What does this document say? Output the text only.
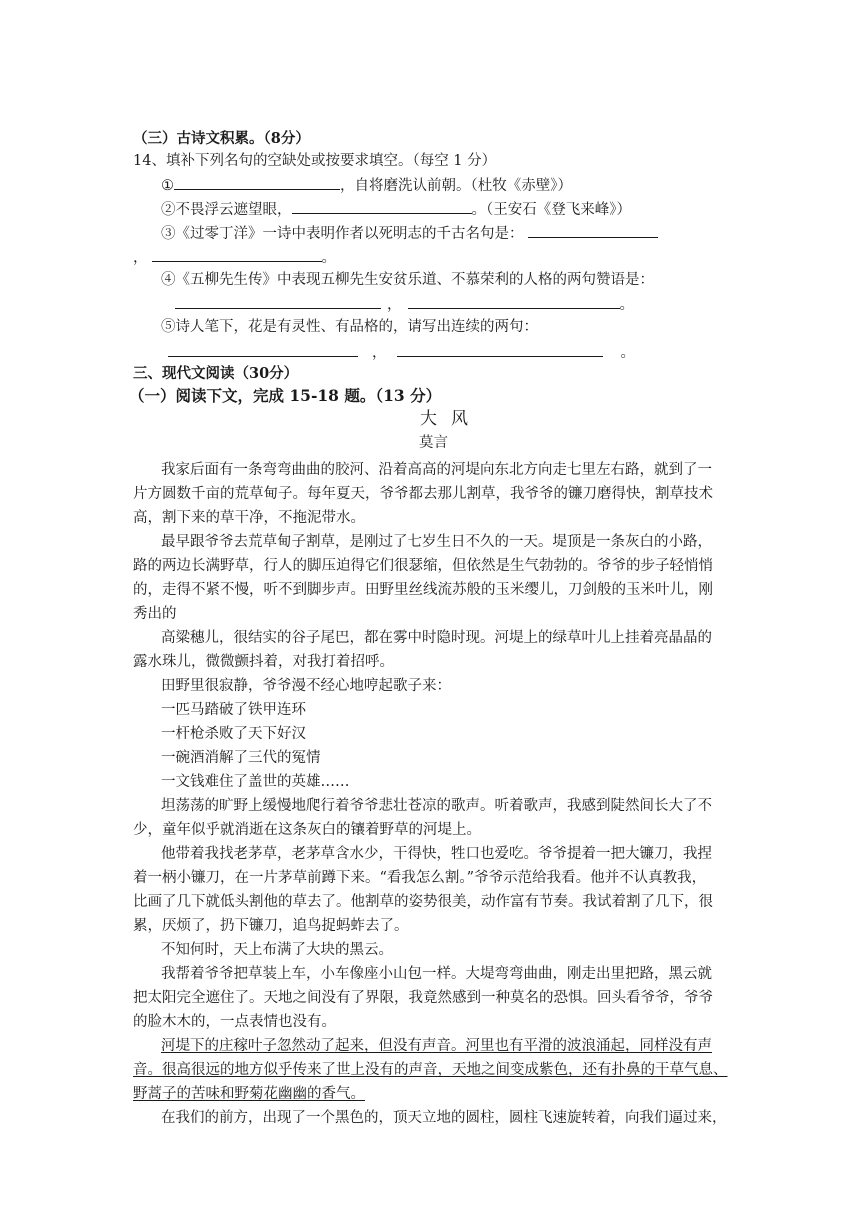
（三）古诗文积累。（8分）
14、填补下列名句的空缺处或按要求填空。（每空 1 分）
①	，自将磨洗认前朝。（杜牧《赤壁》）
②不畏浮云遮望眼，	。（王安石《登飞来峰》）
③《过零丁洋》一诗中表明作者以死明志的千古名句是：
，	。
④《五柳先生传》中表现五柳先生安贫乐道、不慕荣利的人格的两句赞语是：
，	。
⑤诗人笔下，花是有灵性、有品格的，请写出连续的两句：
，	。
三、现代文阅读（30分）
（一）阅读下文，完成 15-18 题。（13 分）
大风
莫言
我家后面有一条弯弯曲曲的胶河、沿着高高的河堤向东北方向走七里左右路，就到了一
片方圆数千亩的荒草甸子。每年夏天，爷爷都去那儿割草，我爷爷的镰刀磨得快，割草技术
高，割下来的草干净，不拖泥带水。
最早跟爷爷去荒草甸子割草，是刚过了七岁生日不久的一天。堤顶是一条灰白的小路，
路的两边长满野草，行人的脚压迫得它们很瑟缩，但依然是生气勃勃的。爷爷的步子轻悄悄
的，走得不紧不慢，听不到脚步声。田野里丝线流苏般的玉米缨儿，刀剑般的玉米叶儿，刚
秀出的
高粱穗儿，很结实的谷子尾巴，都在雾中时隐时现。河堤上的绿草叶儿上挂着亮晶晶的
露水珠儿，微微颤抖着，对我打着招呼。
田野里很寂静，爷爷漫不经心地哼起歌子来：
一匹马踏破了铁甲连环
一杆枪杀败了天下好汉
一碗酒消解了三代的冤情
一文钱难住了盖世的英雄……
坦荡荡的旷野上缓慢地爬行着爷爷悲壮苍凉的歌声。听着歌声，我感到陡然间长大了不
少，童年似乎就消逝在这条灰白的镶着野草的河堤上。
他带着我找老茅草，老茅草含水少，干得快，牲口也爱吃。爷爷提着一把大镰刀，我捏
着一柄小镰刀，在一片茅草前蹲下来。“看我怎么割。”爷爷示范给我看。他并不认真教我，
比画了几下就低头割他的草去了。他割草的姿势很美，动作富有节奏。我试着割了几下，很
累，厌烦了，扔下镰刀，追鸟捉蚂蚱去了。
不知何时，天上布满了大块的黑云。
我帮着爷爷把草装上车，小车像座小山包一样。大堤弯弯曲曲，刚走出里把路，黑云就
把太阳完全遮住了。天地之间没有了界限，我竟然感到一种莫名的恐惧。回头看爷爷，爷爷
的脸木木的，一点表情也没有。
河堤下的庄稼叶子忽然动了起来，但没有声音。河里也有平滑的波浪涌起，同样没有声
音。很高很远的地方似乎传来了世上没有的声音，天地之间变成紫色，还有扑鼻的干草气息、
野蒿子的苦味和野菊花幽幽的香气。
在我们的前方，出现了一个黑色的，顶天立地的圆柱，圆柱飞速旋转着，向我们逼过来，
